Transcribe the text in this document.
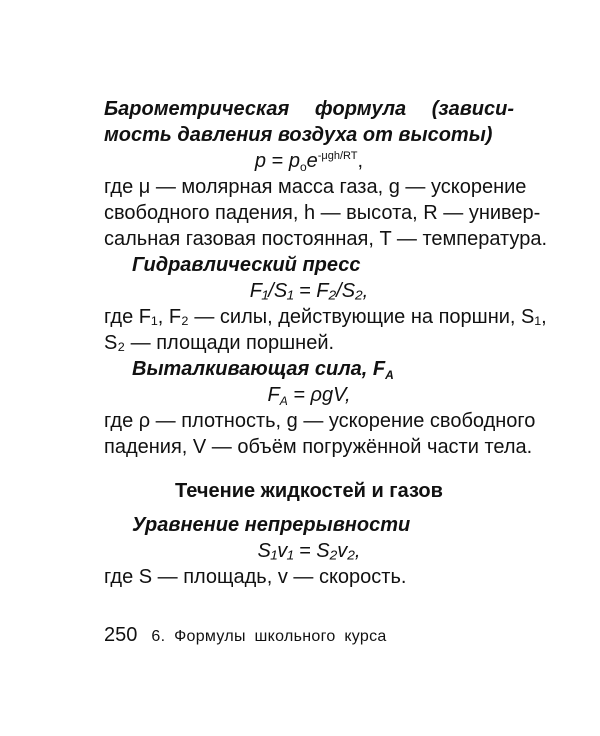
Барометрическая формула (зависи-
мость давления воздуха от высоты)
$p = p_oe^{-\mu gh/RT}$,
где μ — молярная масса газа, g — ускорение
свободного падения, h — высота, R — универ-
сальная газовая постоянная, T — температура.
Гидравлический пресс
F₁/S₁ = F₂/S₂,
где F₁, F₂ — силы, действующие на поршни, S₁,
S₂ — площади поршней.
Выталкивающая сила, $F_A$
$F_A = \rho gV$,
где ρ — плотность, g — ускорение свободного
падения, V — объём погружённой части тела.
Течение жидкостей и газов
Уравнение непрерывности
S₁v₁ = S₂v₂,
где S — площадь, v — скорость.
250 6. Формулы школьного курса
